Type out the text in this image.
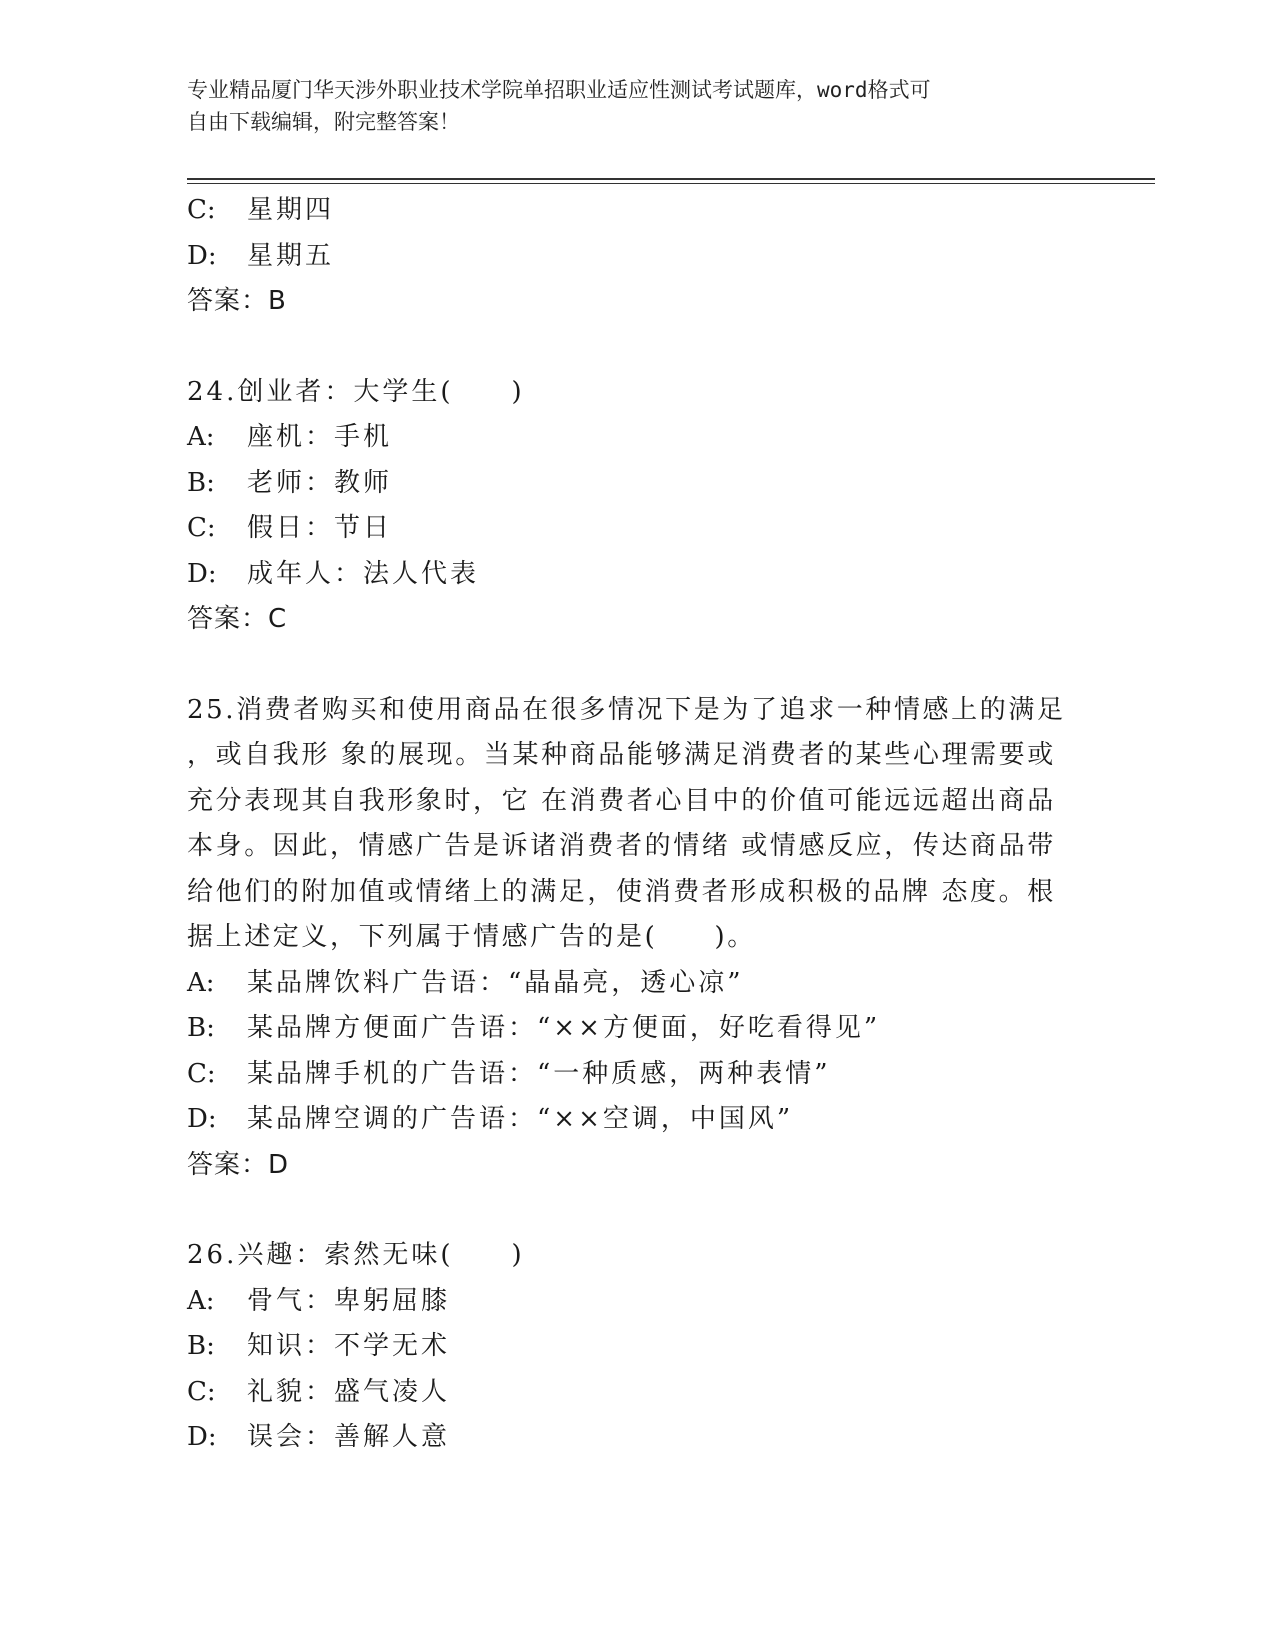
专业精品厦门华天涉外职业技术学院单招职业适应性测试考试题库，word格式可
自由下载编辑，附完整答案！
C:	星期四
D:	星期五
答案：B
24.创业者：大学生(　　)
A:	座机：手机
B:	老师：教师
C:	假日：节日
D:	成年人：法人代表
答案：C
25.消费者购买和使用商品在很多情况下是为了追求一种情感上的满足
，或自我形 象的展现。当某种商品能够满足消费者的某些心理需要或
充分表现其自我形象时，它 在消费者心目中的价值可能远远超出商品
本身。因此，情感广告是诉诸消费者的情绪 或情感反应，传达商品带
给他们的附加值或情绪上的满足，使消费者形成积极的品牌 态度。根
据上述定义，下列属于情感广告的是(　　)。
A:	某品牌饮料广告语：“晶晶亮，透心凉”
B:	某品牌方便面广告语：“××方便面，好吃看得见”
C:	某品牌手机的广告语：“一种质感，两种表情”
D:	某品牌空调的广告语：“××空调，中国风”
答案：D
26.兴趣：索然无味(　　)
A:	骨气：卑躬屈膝
B:	知识：不学无术
C:	礼貌：盛气凌人
D:	误会：善解人意
